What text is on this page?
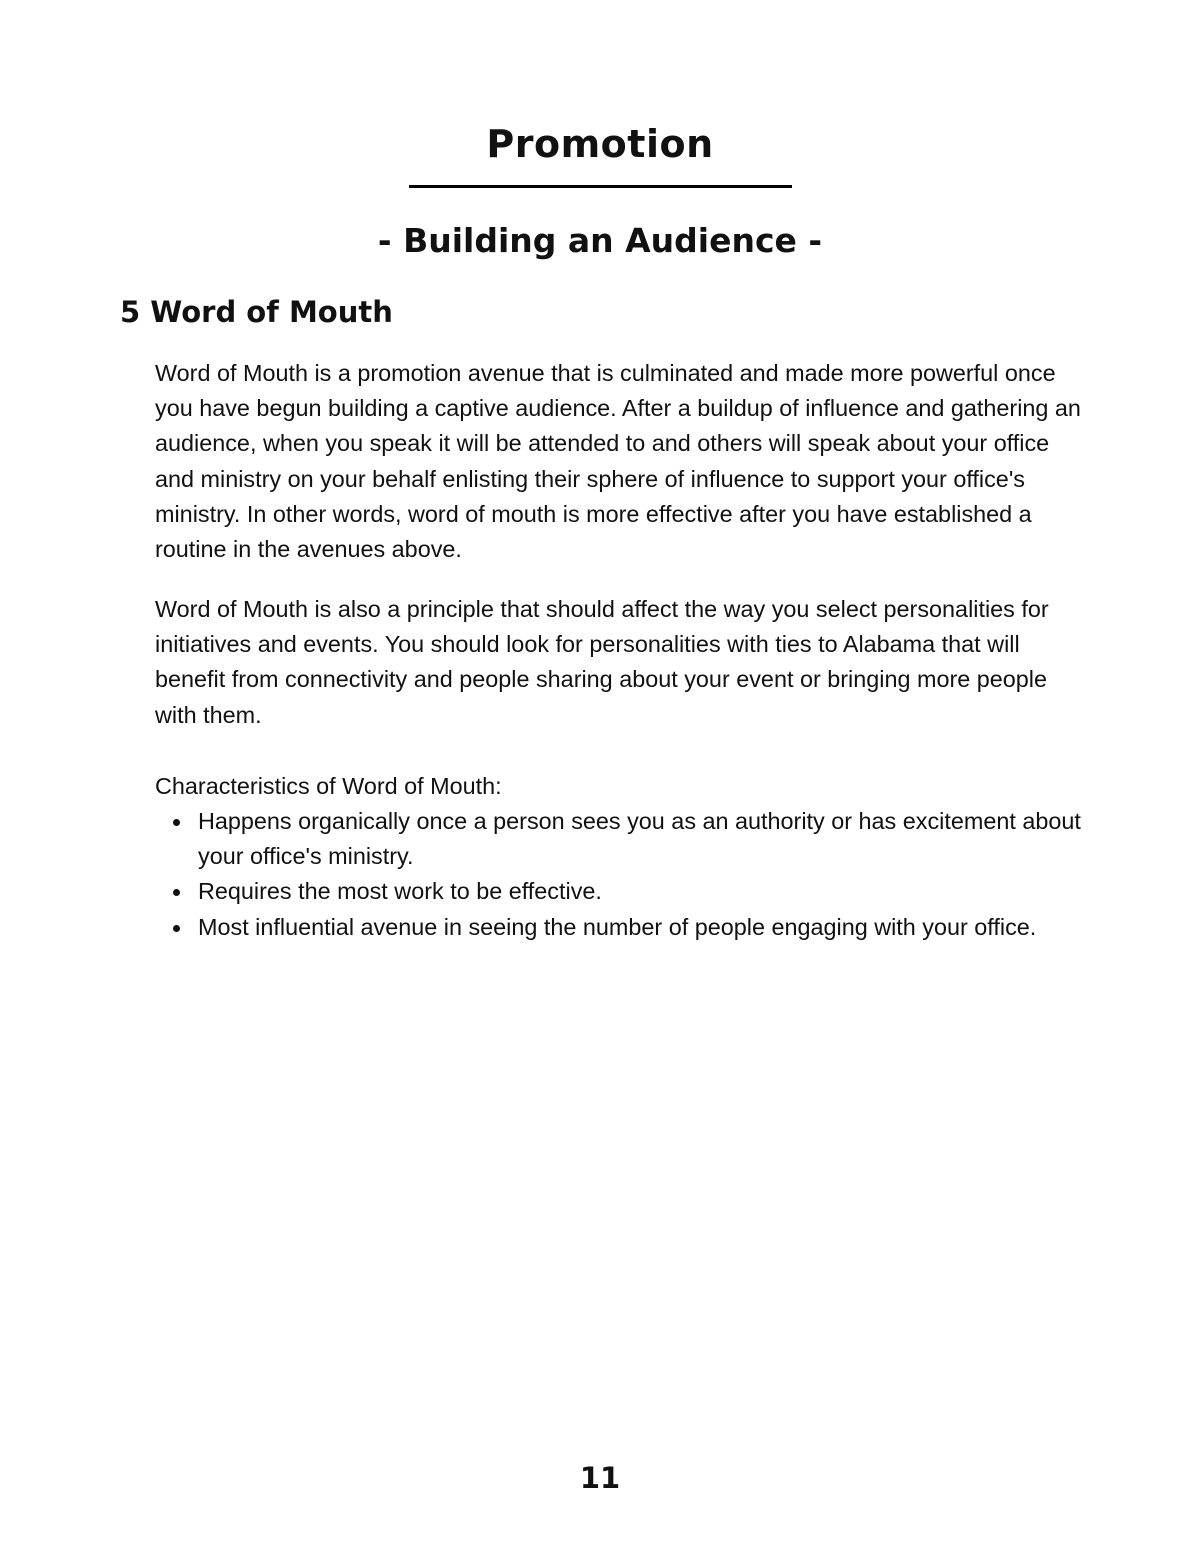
Promotion
- Building an Audience -
5 Word of Mouth

Word of Mouth is a promotion avenue that is culminated and made more powerful once you have begun building a captive audience. After a buildup of influence and gathering an audience, when you speak it will be attended to and others will speak about your office and ministry on your behalf enlisting their sphere of influence to support your office's ministry. In other words, word of mouth is more effective after you have established a routine in the avenues above.

Word of Mouth is also a principle that should affect the way you select personalities for initiatives and events. You should look for personalities with ties to Alabama that will benefit from connectivity and people sharing about your event or bringing more people with them.

Characteristics of Word of Mouth:

Happens organically once a person sees you as an authority or has excitement about your office's ministry.
Requires the most work to be effective.
Most influential avenue in seeing the number of people engaging with your office.
11
